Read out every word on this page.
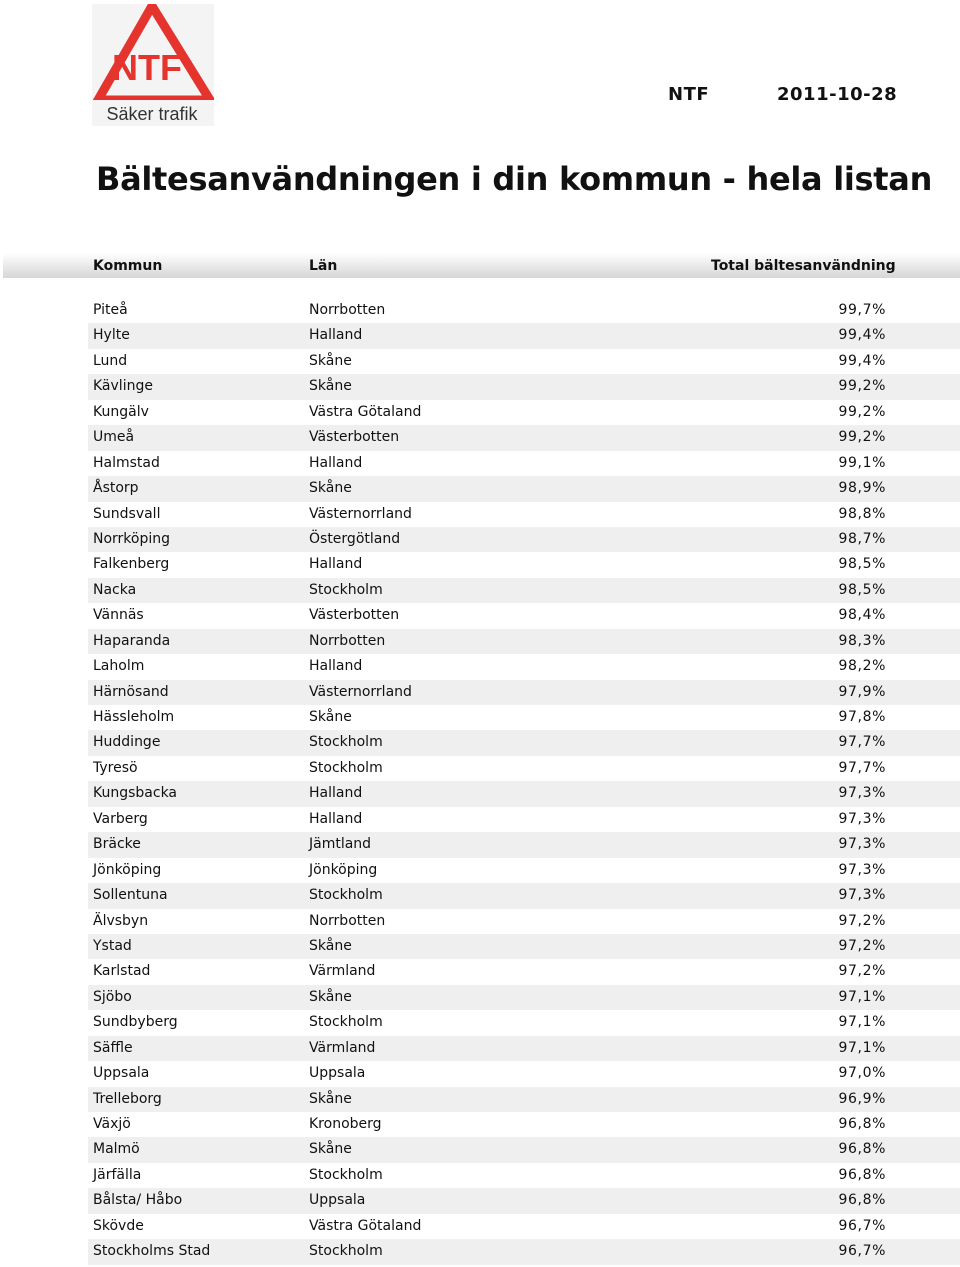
NTF
Säker trafik
NTF	2011-10-28
Bältesanvändningen i din kommun - hela listan
Kommun	Län	Total bältesanvändning
Piteå	Norrbotten	99,7%
Hylte	Halland	99,4%
Lund	Skåne	99,4%
Kävlinge	Skåne	99,2%
Kungälv	Västra Götaland	99,2%
Umeå	Västerbotten	99,2%
Halmstad	Halland	99,1%
Åstorp	Skåne	98,9%
Sundsvall	Västernorrland	98,8%
Norrköping	Östergötland	98,7%
Falkenberg	Halland	98,5%
Nacka	Stockholm	98,5%
Vännäs	Västerbotten	98,4%
Haparanda	Norrbotten	98,3%
Laholm	Halland	98,2%
Härnösand	Västernorrland	97,9%
Hässleholm	Skåne	97,8%
Huddinge	Stockholm	97,7%
Tyresö	Stockholm	97,7%
Kungsbacka	Halland	97,3%
Varberg	Halland	97,3%
Bräcke	Jämtland	97,3%
Jönköping	Jönköping	97,3%
Sollentuna	Stockholm	97,3%
Älvsbyn	Norrbotten	97,2%
Ystad	Skåne	97,2%
Karlstad	Värmland	97,2%
Sjöbo	Skåne	97,1%
Sundbyberg	Stockholm	97,1%
Säffle	Värmland	97,1%
Uppsala	Uppsala	97,0%
Trelleborg	Skåne	96,9%
Växjö	Kronoberg	96,8%
Malmö	Skåne	96,8%
Järfälla	Stockholm	96,8%
Bålsta/ Håbo	Uppsala	96,8%
Skövde	Västra Götaland	96,7%
Stockholms Stad	Stockholm	96,7%
